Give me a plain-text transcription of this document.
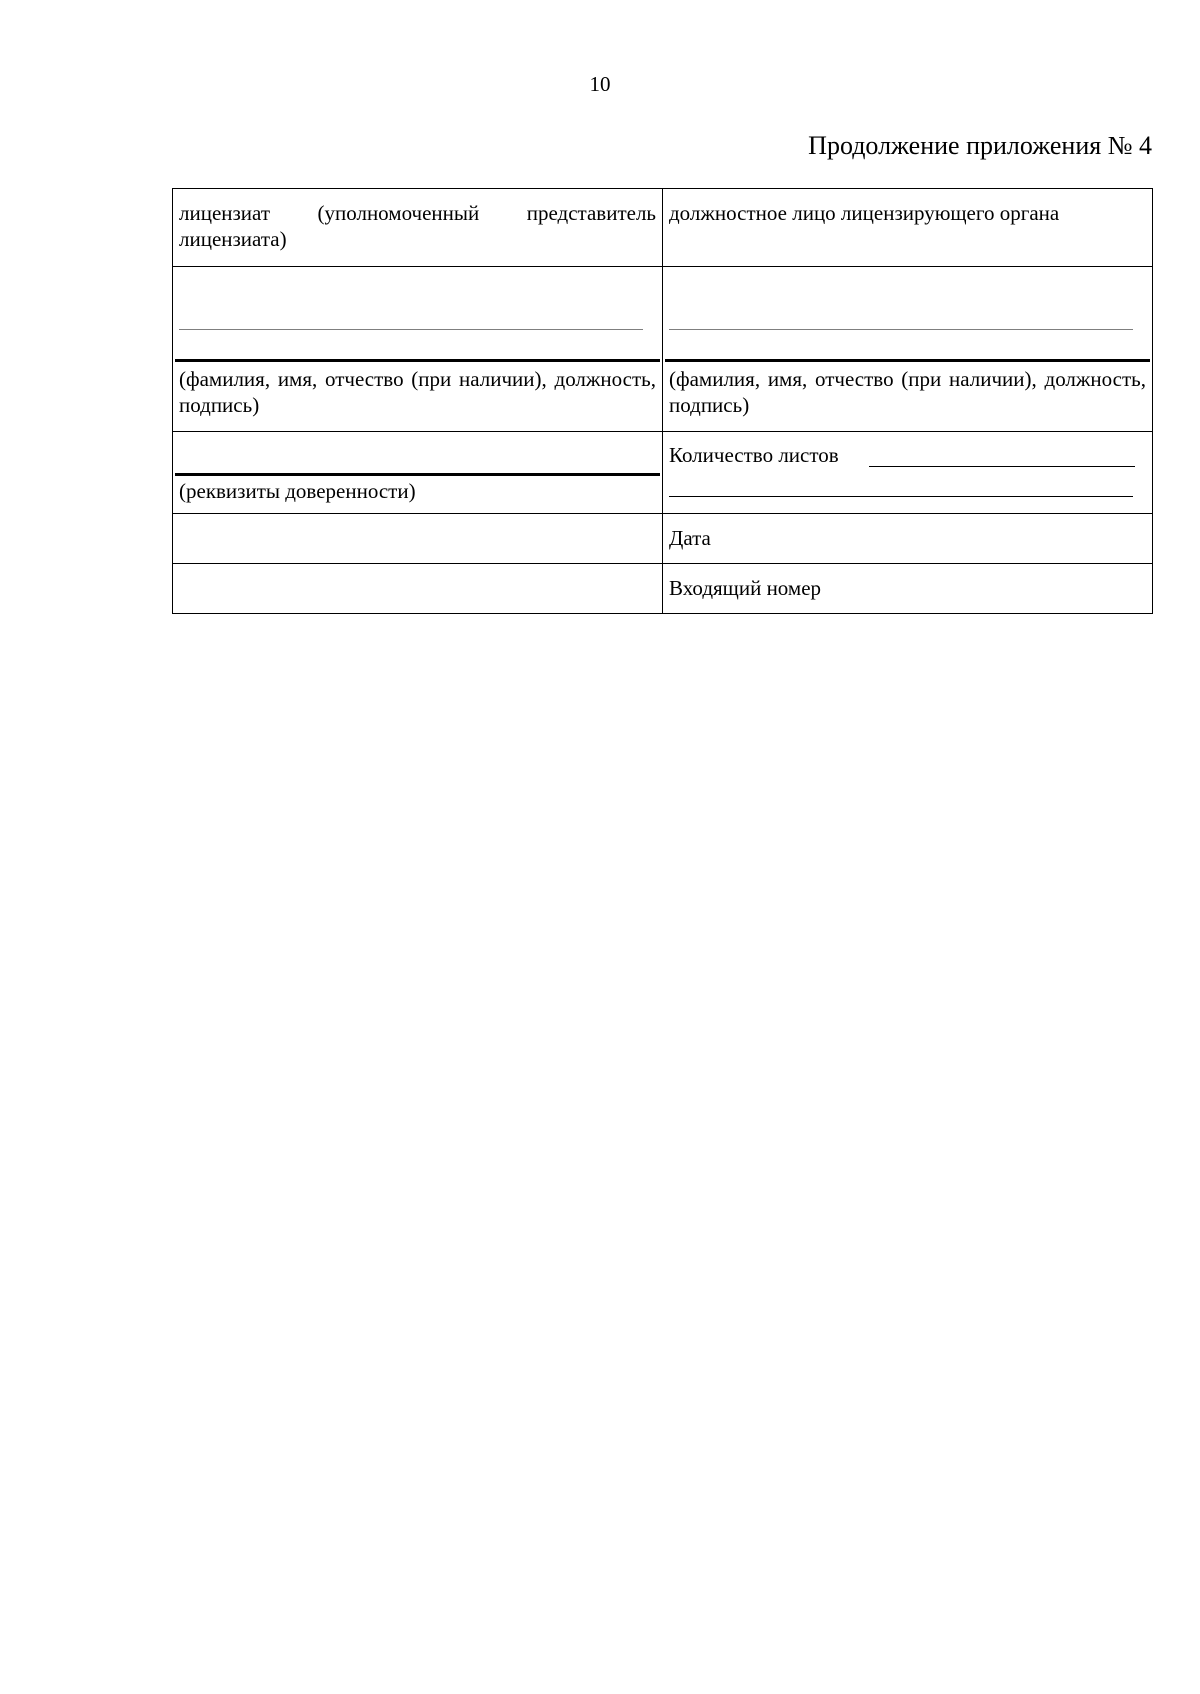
10
Продолжение приложения № 4
лицензиат (уполномоченный представитель лицензиата)	должностное лицо лицензирующего органа

(фамилия, имя, отчество (при наличии), должность, подпись)	(фамилия, имя, отчество (при наличии), должность, подпись)

(реквизиты доверенности)	Количество листов

	Дата

	Входящий номер
